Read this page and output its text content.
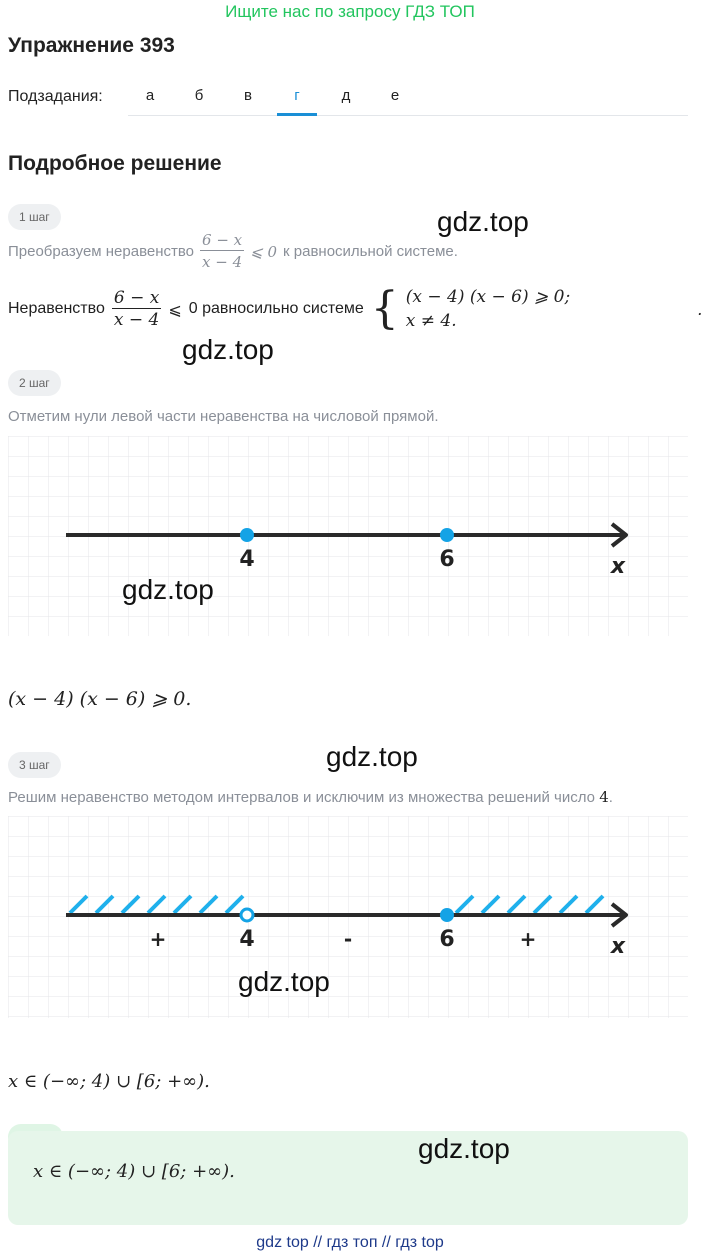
Ищите нас по запросу ГДЗ ТОП
Упражнение 393
Подзадания:	а	б	в	г	д	е
Подробное решение
1 шаг	gdz.top
Преобразуем неравенство $\frac{6 - x}{x - 4}$ ⩽ 0 к равносильной системе.
Неравенство $\frac{6 - x}{x - 4}$ ⩽ 0 равносильно системе { (x − 4) (x − 6) ⩾ 0;
x ≠ 4.
.
gdz.top
2 шаг
Отметим нули левой части неравенства на числовой прямой.
4	6	x
gdz.top
(x − 4) (x − 6) ⩾ 0.
3 шаг	gdz.top
Решим неравенство методом интервалов и исключим из множества решений число 4.
4	6
+	-	+	x
gdz.top
x ∈ (−∞; 4) ∪ [6; +∞).
gdz.top
x ∈ (−∞; 4) ∪ [6; +∞).
gdz top // гдз топ // гдз top
